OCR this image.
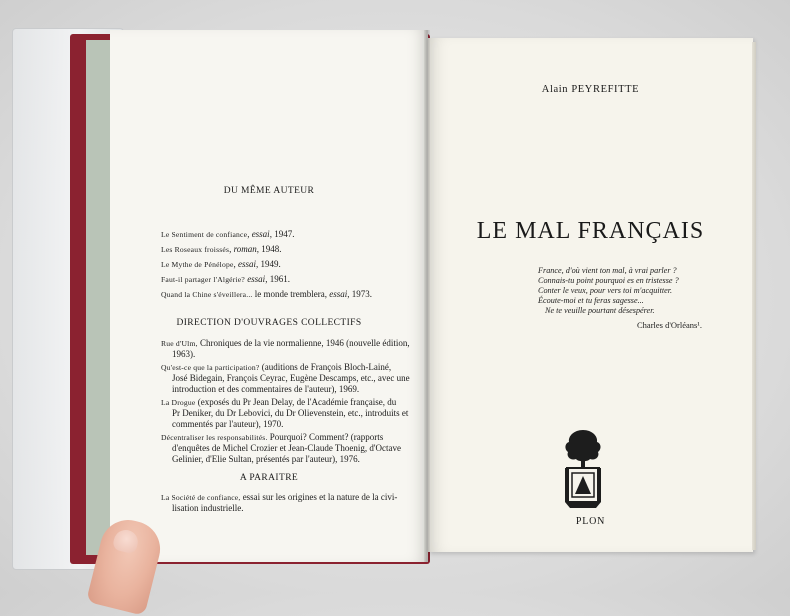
DU MÊME AUTEUR
Le Sentiment de confiance, essai, 1947.
Les Roseaux froissés, roman, 1948.
Le Mythe de Pénélope, essai, 1949.
Faut-il partager l'Algérie? essai, 1961.
Quand la Chine s'éveillera... le monde tremblera, essai, 1973.
DIRECTION D'OUVRAGES COLLECTIFS
Rue d'Ulm, Chroniques de la vie normalienne, 1946 (nouvelle édition,
1963).
Qu'est-ce que la participation? (auditions de François Bloch-Lainé,
José Bidegain, François Ceyrac, Eugène Descamps, etc., avec une
introduction et des commentaires de l'auteur), 1969.
La Drogue (exposés du Pr Jean Delay, de l'Académie française, du
Pr Deniker, du Dr Lebovici, du Dr Olievenstein, etc., introduits et
commentés par l'auteur), 1970.
Décentraliser les responsabilités. Pourquoi? Comment? (rapports
d'enquêtes de Michel Crozier et Jean-Claude Thoenig, d'Octave
Gelinier, d'Elie Sultan, présentés par l'auteur), 1976.
A PARAITRE
La Société de confiance, essai sur les origines et la nature de la civi-
lisation industrielle.
Alain PEYREFITTE
LE MAL FRANÇAIS
France, d'où vient ton mal, à vrai parler ?
Connais-tu point pourquoi es en tristesse ?
Conter le veux, pour vers toi m'acquitter.
Écoute-moi et tu feras sagesse...
Ne te veuille pourtant désespérer.
Charles d'Orléans¹.
PLON
